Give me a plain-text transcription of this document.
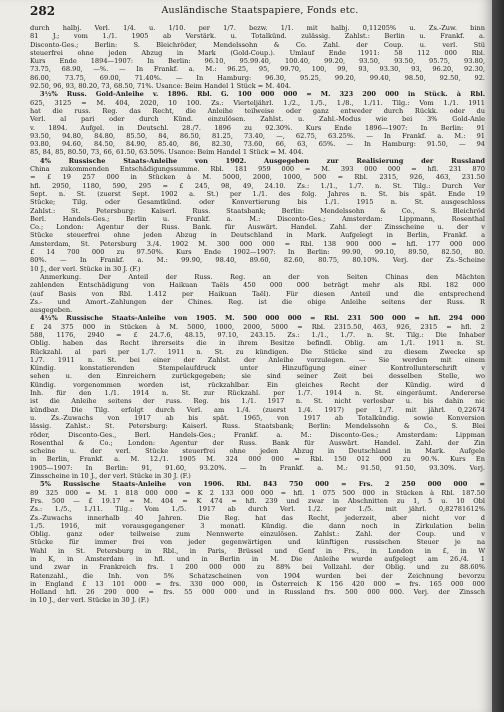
282	Ausländische Staatspapiere, Fonds etc.
durch halbj. Verl. 1/4. u. 1/10. per 1/7. bezw. 1/1. mit halbj. 0,11205% u. Zs.-Zuw. binn
81 J.; vom 1./1. 1905 ab Verstärk. u. Totalkünd. zulässig. Zahlst.: Berlin u. Frankf. a.
Disconto-Ges.; Berlin: S. Bleichröder, Mendelssohn & Co. Zahl. der Coup. u. verl. Stü
steuerfrei ohne jeden Abzug in Mark (Gold-Coup.). Umlauf Ende 1911: 58 112 000 Rbl.
Kurs Ende 1894—1907: In Berlin: 96.10, 95.99.40, 100.40, 99.20, 93.50, 93.50, 95.75, 93.80,
73.75, 68.90, —%. — In Frankf. a. M.: 96.25, 95, 99.70, 100, 99, 93, 93.30, 93, 96.20, 92.30,
86.00, 73.75, 69.00, 71.40%. — In Hamburg: 96.30, 95.25, 99.20, 99.40, 98.50, 92.50, 92.
92.50, 96, 93, 80.20, 73, 68.50, 71%. Usance: Beim Handel 1 Stück = M. 404.
3½% Russ. Gold-Anleihe v. 1896. Rbl. G. 100 000 000 = M. 323 200 000 in Stück. à Rbl.
625, 3125 = M. 404, 2020, 10 100. Zs.: Vierteljährl. 1./2., 1./5., 1./8., 1./11. Tilg.: Vom 1./1. 1911
hat die russ. Reg. das Recht, die Anleihe teilweise oder ganz entweder durch Rückk. oder du
Verl. al pari oder durch Künd. einzulösen. Zahlst. u. Zahl.-Modus wie bei 3% Gold-Anle
v. 1894. Aufgel. in Deutschl. 28./7. 1896 zu 92.30%. Kurs Ende 1896—1907: In Berlin: 91
93.50, 94.80, 84.80, 85.50, 84, 86.50, 81.25, 73.40, —, 62.75, 63.25%. — In Frankf. a. M.: 91
93.80, 94.60, 84.50, 84.90, 85.40, 86, 82.30, 73.60, 66, 63, 65%. — In Hamburg: 91.50, — 94
85, 84, 85, 80.50, 73, 66, 61.50, 63.50%. Usance: Beim Handel 1 Stück = M. 404.
4% Russische Staats-Anleihe von 1902. Ausgegeben zur Realisierung der Russland
China zukommenden Entschädigungssumme. Rbl. 181 959 000 = M. 393 000 000 = hfl. 231 870
= £ 19 257 000 in Stücken à M. 5000, 2000, 1000, 500 = Rbl. 2315, 926, 463, 231.50
hfl. 2950, 1180, 590, 295 = £ 245, 98, 49, 24.10. Zs.: 1./1., 1./7. n. St. Tilg.: Durch Ver
Sept. n. St. (zuerst Sept. 1902 a. St.) per 1./1. des folg. Jahres n. St. bis spät. Ende 19
Stücke; Tilg. oder Gesamtkünd. oder Konvertierung bis 1./1. 1915 n. St. ausgeschloss
Zahlst.: St. Petersburg: Kaiserl. Russ. Staatsbank; Berlin: Mendelssohn & Co., S. Bleichröd
Berl. Handels-Ges.; Berlin u. Frankf. a. M.: Disconto-Ges.; Amsterdam: Lippmann, Rosenthal
Co.; London: Agentur der Russ. Bank. für Auswärt. Handel. Zahl. der Zinsscheine u. der v
Stücke steuerfrei ohne jeden Abzug in Deutschland in Mark. Aufgelegt in Berlin, Frankf. a
Amsterdam, St. Petersburg 3./4. 1902 M. 300 000 000 = Rbl. 138 900 000 = hfl. 177 000 000
£ 14 700 000 zu 97.50%. Kurs Ende 1902—1907: In Berlin: 99.90, 99.10, 89.50, 82.50, 80.
80%. — In Frankf. a. M.: 99.90, 98.40, 89.60, 82.60, 80.75, 80.10%. Verj. der Zs.-Scheine
10 J., der verl. Stücke in 30 J. (F.)
Anmerkung. Der Anteil der Russ. Reg. an der von Seiten Chinas den Mächten
zahlenden Entschädigung von Haikuan Taëls 450 000 000 beträgt mehr als Rbl. 182 000
(auf Basis von Rbl. 1.412 per Haikuan Taël). Für diesen Anteil und die entsprechend
Zs.- und Amort.-Zahlungen der Chines. Reg. ist die obige Anleihe seitens der Russ. R
ausgegeben.
4½% Russische Staats-Anleihe von 1905. M. 500 000 000 = Rbl. 231 500 000 = hfl. 294 000
£ 24 375 000 in Stücken à M. 5000, 1000, 2000, 5000 = Rbl. 2315.50, 463, 926, 2315 = hfl. 2
588, 1176, 2940 = £ 24.7.6, 48.15, 97.10, 243.15. Zs.: 1./1., 1./7. n. St. Tilg.: Die Inhaber
Oblig. haben das Recht ihrerseits die in ihrem Besitze befindl. Oblig. am 1./1. 1911 n. St.
Rückzahl. al pari per 1./7. 1911 n. St. zu kündigen. Die Stücke sind zu diesem Zwecke sp
1./7. 1911 n. St. bei einer der Zahlst. der Anleihe vorzulegen. — Sie werden mit einem
Kündig. konstatierenden Stempelaufdruck unter Hinzufügung einer Kontrollunterschrift v
sehen u. den Einreichern zurückgegeben; sie sind seiner Zeit bei desselben Stelle, wo
Kündig. vorgenommen worden ist, rückzahlbar. Ein gleiches Recht der Kündig. wird d
Inh. für den 1./1. 1914 n. St. zur Rückzahl. per 1./7. 1914 n. St. eingeräumt. Andererse
ist die Anleihe seitens der russ. Reg. bis 1./1. 1917 n. St. nicht verlosbar u. bis dahin nic
kündbar. Die Tilg. erfolgt durch Verl. am 1./4. (zuerst 1./4. 1917) per 1./7. mit jährl. 0,22674
u. Zs.-Zuwachs von 1917 ab bis spät. 1965, von 1917 ab Totalkündig. sowie Konversion
lässig. Zahlst.: St. Petersburg: Kaiserl. Russ. Staatsbank; Berlin: Mendelssohn & Co., S. Blei
röder, Disconto-Ges., Berl. Handels-Ges.; Frankf. a. M.: Disconto-Ges.; Amsterdam: Lippman
Rosenthal & Co.; London: Agentur der Russ. Bank für Auswärt. Handel. Zahl. der Zin
scheine u. der verl. Stücke steuerfrei ohne jeden Abzug in Deutschland in Mark. Aufgele
in Berlin, Frankf. a. M. 12./1. 1905 M. 324 000 000 = Rbl. 150 012 000 zu 90.%. Kurs En
1905—1907: In Berlin: 91, 91.60, 93.20%. — In Frankf. a. M.: 91.50, 91.50, 93.30%. Verj.
Zinsscheine in 10 J., der verl. Stücke in 30 J. (F.)
5% Russische Staats-Anleihe von 1906. Rbl. 843 750 000 = Frs. 2 250 000 000 =
89 325 000 = M. 1 818 000 000 = K 2 133 000 000 = hfl. 1 075 500 000 in Stücken à Rbl. 187.50
Frs. 500 — £ 19.17 = M. 404 = K 474 = hfl. 239 und zwar in Abschnitten zu 1, 5 u. 10 Obl
Zs.: 1./5., 1./11. Tilg.: Vom 1./5. 1917 ab durch Verl. 1./2. per 1./5. mit jährl. 0,82781612%
Zs.-Zuwachs innerhalb 40 Jahren. Die Reg. hat das Recht, jederzeit, aber nicht vor d
1./5. 1916, mit vorausgegangener 3 monatl. Kündig. die dann noch in Zirkulation belin
Oblig. ganz oder teilweise zum Nennwerte einzulösen. Zahlst.: Zahl. der Coup. und v
Stücke für immer frei von jeder gegenwärtigen und künftigen russischen Steuer je na
Wahl in St. Petersburg in Rbl., in Paris, Brüssel und Genf in Frs., in London in £, in W
in K, in Amsterdam in hfl. und in Berlin in M. Die Anleihe wurde aufgelegt am 26./4. 1
und zwar in Frankreich frs. 1 200 000 000 zu 88% bei Vollzahl. der Oblig. und zu 88.60%
Ratenzahl., die Inh. von 5% Schatzscheinen von 1904 wurden bei der Zeichnung bevorzu
in England £ 13 101 000 = frs. 330 000 000, in Österreich K 156 420 000 = frs. 165 000 000
Holland hfl. 26 290 000 = frs. 55 000 000 und in Russland frs. 500 000 000. Verj. der Zinssch
in 10 J., der verl. Stücke in 30 J. (F.)
